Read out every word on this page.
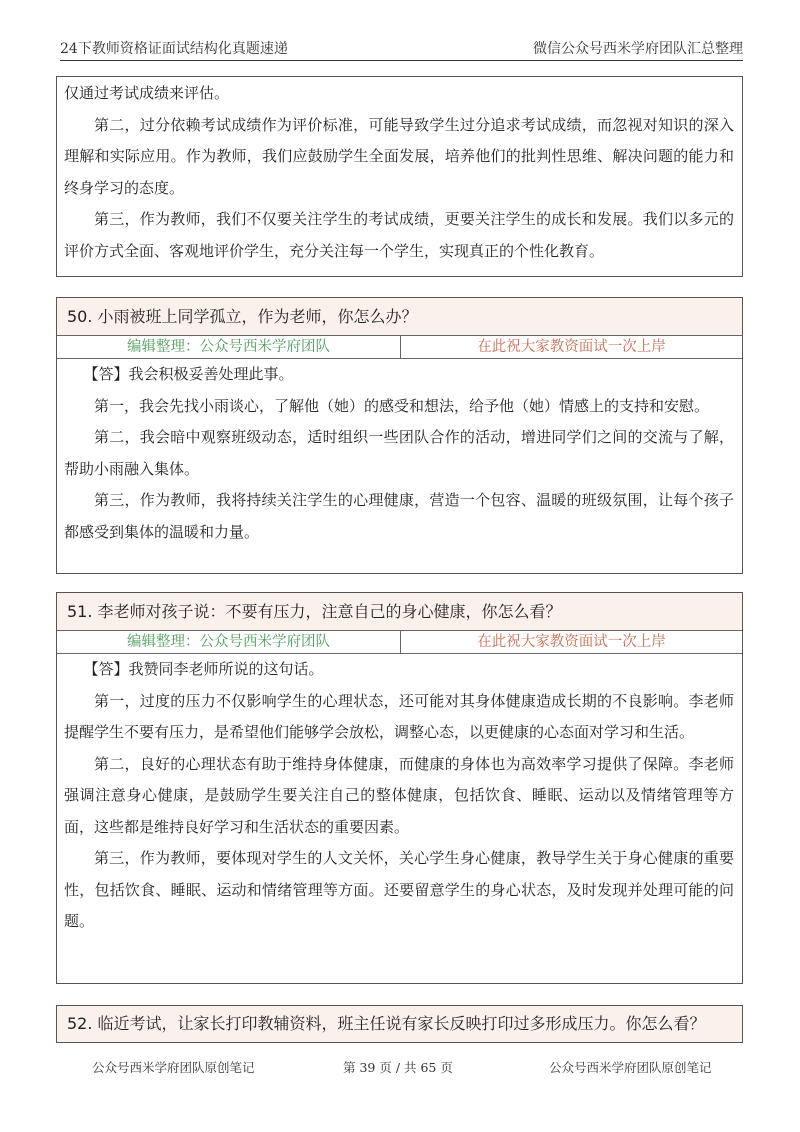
24下教师资格证面试结构化真题速递	微信公众号西米学府团队汇总整理

仅通过考试成绩来评估。

第二，过分依赖考试成绩作为评价标准，可能导致学生过分追求考试成绩，而忽视对知识的深入理解和实际应用。作为教师，我们应鼓励学生全面发展，培养他们的批判性思维、解决问题的能力和终身学习的态度。

第三，作为教师，我们不仅要关注学生的考试成绩，更要关注学生的成长和发展。我们以多元的评价方式全面、客观地评价学生，充分关注每一个学生，实现真正的个性化教育。

50. 小雨被班上同学孤立，作为老师，你怎么办？
编辑整理：公众号西米学府团队	在此祝大家教资面试一次上岸

【答】我会积极妥善处理此事。

第一，我会先找小雨谈心，了解他（她）的感受和想法，给予他（她）情感上的支持和安慰。

第二，我会暗中观察班级动态，适时组织一些团队合作的活动，增进同学们之间的交流与了解，帮助小雨融入集体。

第三，作为教师，我将持续关注学生的心理健康，营造一个包容、温暖的班级氛围，让每个孩子都感受到集体的温暖和力量。

51. 李老师对孩子说：不要有压力，注意自己的身心健康，你怎么看？
编辑整理：公众号西米学府团队	在此祝大家教资面试一次上岸

【答】我赞同李老师所说的这句话。

第一，过度的压力不仅影响学生的心理状态，还可能对其身体健康造成长期的不良影响。李老师提醒学生不要有压力，是希望他们能够学会放松，调整心态，以更健康的心态面对学习和生活。

第二，良好的心理状态有助于维持身体健康，而健康的身体也为高效率学习提供了保障。李老师强调注意身心健康，是鼓励学生要关注自己的整体健康，包括饮食、睡眠、运动以及情绪管理等方面，这些都是维持良好学习和生活状态的重要因素。

第三，作为教师，要体现对学生的人文关怀，关心学生身心健康，教导学生关于身心健康的重要性，包括饮食、睡眠、运动和情绪管理等方面。还要留意学生的身心状态，及时发现并处理可能的问题。

52. 临近考试，让家长打印教辅资料，班主任说有家长反映打印过多形成压力。你怎么看？
公众号西米学府团队原创笔记	第 39 页 / 共 65 页	公众号西米学府团队原创笔记
